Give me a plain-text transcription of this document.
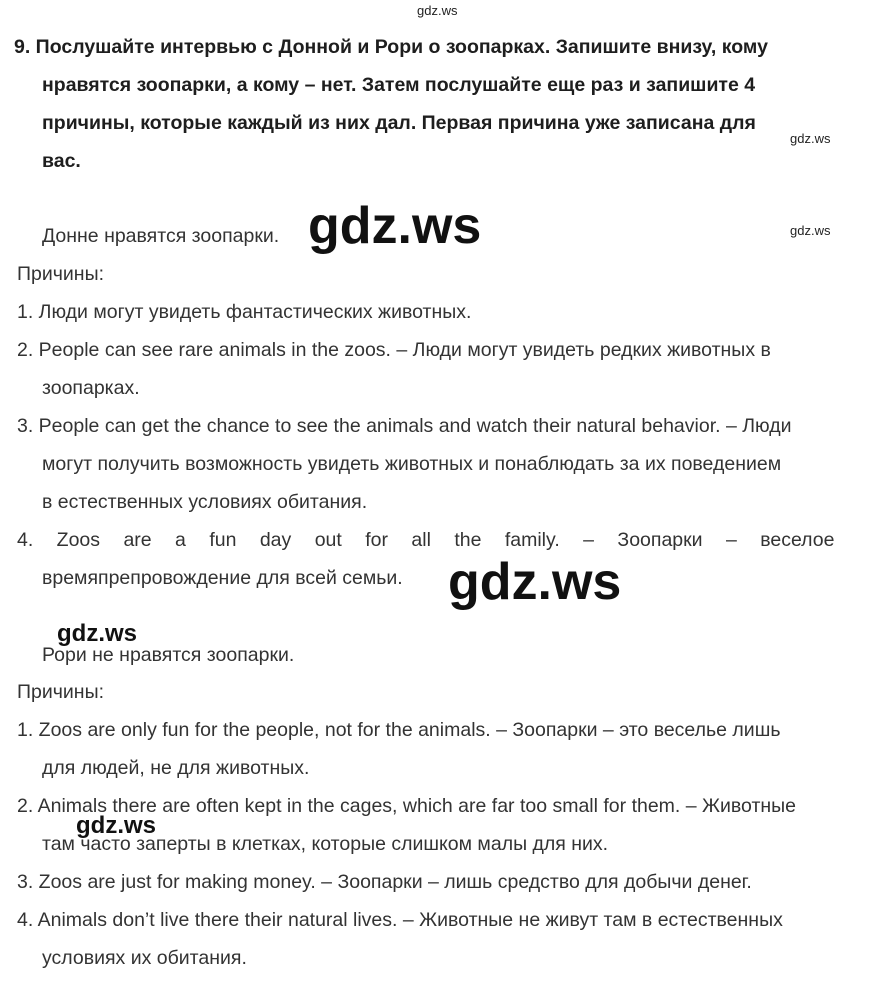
gdz.ws
gdz.ws
gdz.ws
9. Послушайте интервью с Донной и Рори о зоопарках. Запишите внизу, кому
нравятся зоопарки, а кому – нет. Затем послушайте еще раз и запишите 4
причины, которые каждый из них дал. Первая причина уже записана для
вас.
Донне нравятся зоопарки. gdz.ws
Причины:
1. Люди могут увидеть фантастических животных.
2. People can see rare animals in the zoos. – Люди могут увидеть редких животных в
зоопарках.
3. People can get the chance to see the animals and watch their natural behavior. – Люди
могут получить возможность увидеть животных и понаблюдать за их поведением
в естественных условиях обитания.
4. Zoos are a fun day out for all the family. – Зоопарки – веселое
времяпрепровождение для всей семьи. gdz.ws
gdz.ws
Рори не нравятся зоопарки.
Причины:
1. Zoos are only fun for the people, not for the animals. – Зоопарки – это веселье лишь
для людей, не для животных.
2. Animals there are often kept in the cages, which are far too small for them. – Животные
gdz.ws
там часто заперты в клетках, которые слишком малы для них.
3. Zoos are just for making money. – Зоопарки – лишь средство для добычи денег.
4. Animals don’t live there their natural lives. – Животные не живут там в естественных
условиях их обитания.
